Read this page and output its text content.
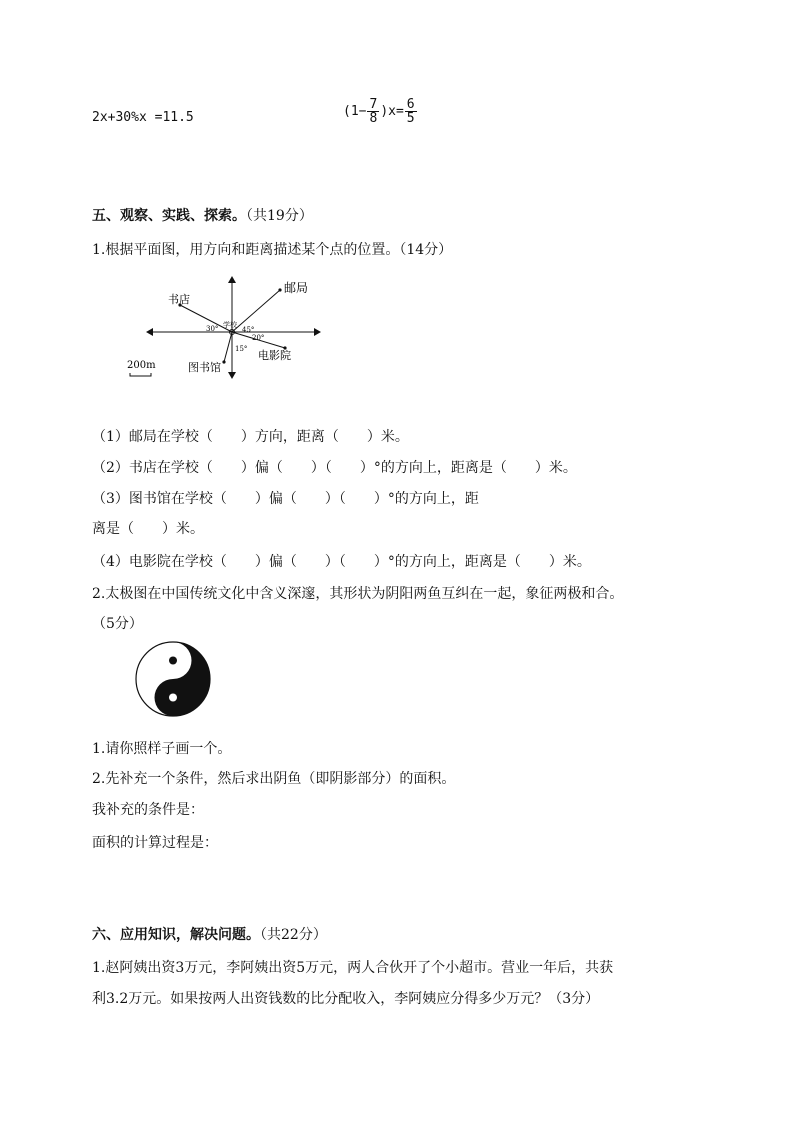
2x+30%x =11.5	$(1- \frac{7}{8} )x= \frac{6}{5}$
五、观察、实践、探索。（共19分）
1.根据平面图，用方向和距离描述某个点的位置。（14分）
邮局
书店
学校
图书馆
电影院
30°	45°
20°
15°
200m
（1）邮局在学校（　　）方向，距离（　　）米。
（2）书店在学校（　　）偏（　　）（　　）°的方向上，距离是（　　）米。
（3）图书馆在学校（　　）偏（　　）（　　）°的方向上，距
离是（　　）米。
（4）电影院在学校（　　）偏（　　）（　　）°的方向上，距离是（　　）米。
2.太极图在中国传统文化中含义深邃，其形状为阴阳两鱼互纠在一起，象征两极和合。
（5分）
1.请你照样子画一个。
2.先补充一个条件，然后求出阴鱼（即阴影部分）的面积。
我补充的条件是：
面积的计算过程是：
六、应用知识，解决问题。（共22分）
1.赵阿姨出资3万元，李阿姨出资5万元，两人合伙开了个小超市。营业一年后，共获
利3.2万元。如果按两人出资钱数的比分配收入，李阿姨应分得多少万元？（3分）
